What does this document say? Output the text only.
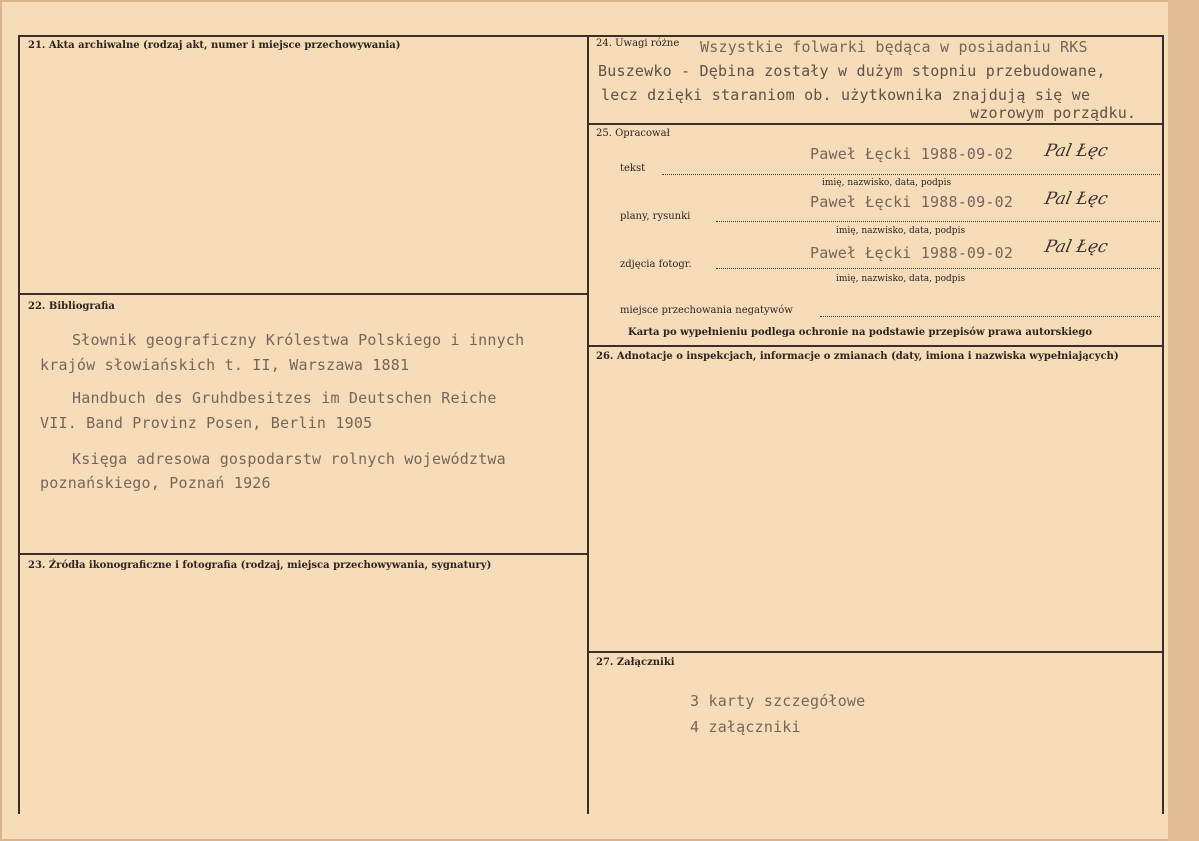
21. Akta archiwalne (rodzaj akt, numer i miejsce przechowywania)
22. Bibliografia
Słownik geograficzny Królestwa Polskiego i innych
krajów słowiańskich t. II, Warszawa 1881
Handbuch des Gruhdbesitzes im Deutschen Reiche
VII. Band Provinz Posen, Berlin 1905
Księga adresowa gospodarstw rolnych województwa
poznańskiego, Poznań 1926
23. Źródła ikonograficzne i fotografia (rodzaj, miejsca przechowywania, sygnatury)
24. Uwagi różne Wszystkie folwarki będąca w posiadaniu RKS
Buszewko - Dębina zostały w dużym stopniu przebudowane,
lecz dzięki staraniom ob. użytkownika znajdują się we
wzorowym porządku.
25. Opracował
tekst
Paweł Łęcki 1988-09-02 Pal Łęc
imię, nazwisko, data, podpis
plany, rysunki
Paweł Łęcki 1988-09-02 Pal Łęc
imię, nazwisko, data, podpis
zdjęcia fotogr.
Paweł Łęcki 1988-09-02 Pal Łęc
imię, nazwisko, data, podpis
miejsce przechowania negatywów
Karta po wypełnieniu podlega ochronie na podstawie przepisów prawa autorskiego
26. Adnotacje o inspekcjach, informacje o zmianach (daty, imiona i nazwiska wypełniających)
27. Załączniki
3 karty szczegółowe
4 załączniki
